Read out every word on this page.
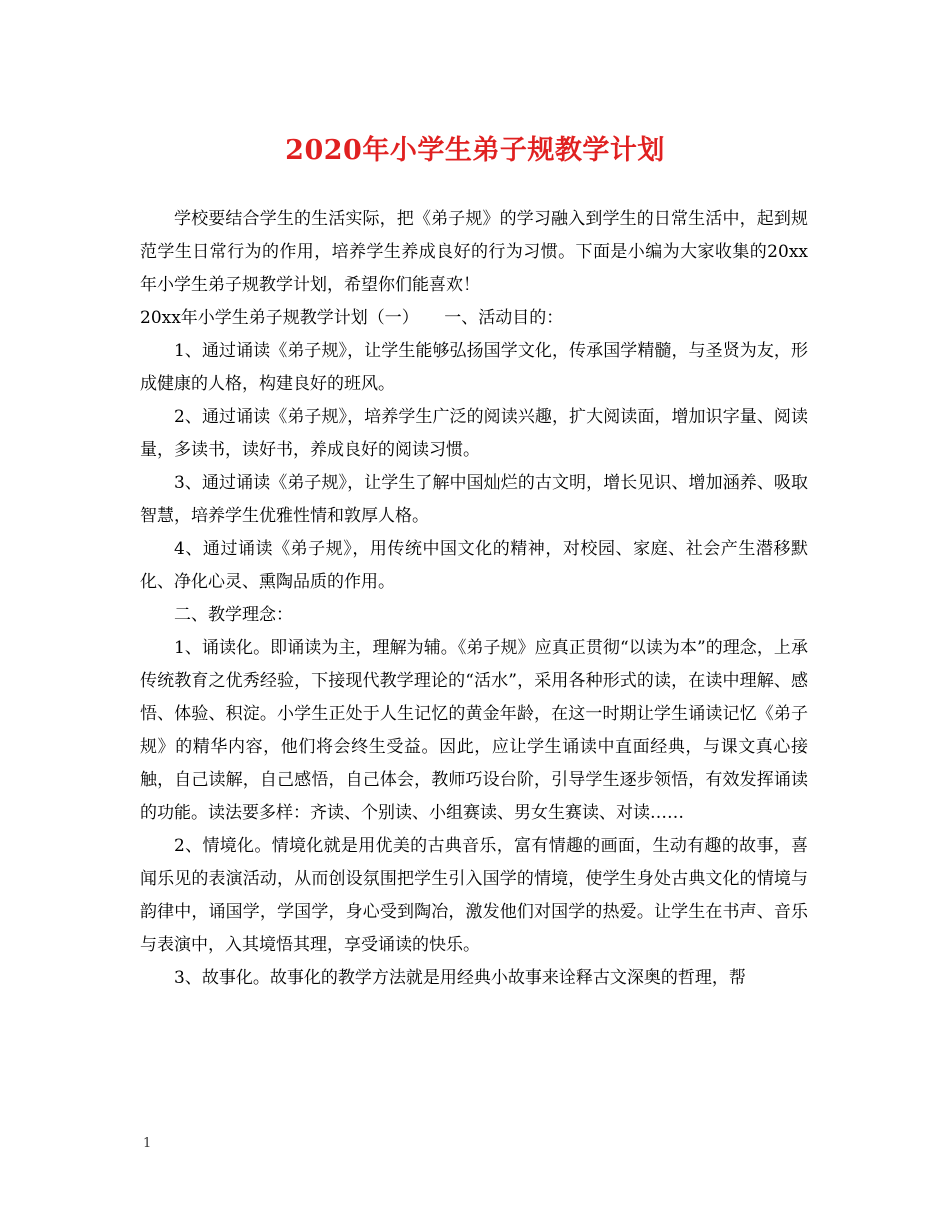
2020年小学生弟子规教学计划

学校要结合学生的生活实际，把《弟子规》的学习融入到学生的日常生活中，起到规范学生日常行为的作用，培养学生养成良好的行为习惯。下面是小编为大家收集的20xx年小学生弟子规教学计划，希望你们能喜欢！

20xx年小学生弟子规教学计划（一）　　一、活动目的：

1、通过诵读《弟子规》，让学生能够弘扬国学文化，传承国学精髓，与圣贤为友，形成健康的人格，构建良好的班风。

2、通过诵读《弟子规》，培养学生广泛的阅读兴趣，扩大阅读面，增加识字量、阅读量，多读书，读好书，养成良好的阅读习惯。

3、通过诵读《弟子规》，让学生了解中国灿烂的古文明，增长见识、增加涵养、吸取智慧，培养学生优雅性情和敦厚人格。

4、通过诵读《弟子规》，用传统中国文化的精神，对校园、家庭、社会产生潜移默化、净化心灵、熏陶品质的作用。

二、教学理念：

1、诵读化。即诵读为主，理解为辅。《弟子规》应真正贯彻“以读为本”的理念，上承传统教育之优秀经验，下接现代教学理论的“活水”，采用各种形式的读，在读中理解、感悟、体验、积淀。小学生正处于人生记忆的黄金年龄，在这一时期让学生诵读记忆《弟子规》的精华内容，他们将会终生受益。因此，应让学生诵读中直面经典，与课文真心接触，自己读解，自己感悟，自己体会，教师巧设台阶，引导学生逐步领悟，有效发挥诵读的功能。读法要多样：齐读、个别读、小组赛读、男女生赛读、对读……

2、情境化。情境化就是用优美的古典音乐，富有情趣的画面，生动有趣的故事，喜闻乐见的表演活动，从而创设氛围把学生引入国学的情境，使学生身处古典文化的情境与韵律中，诵国学，学国学，身心受到陶冶，激发他们对国学的热爱。让学生在书声、音乐与表演中，入其境悟其理，享受诵读的快乐。

3、故事化。故事化的教学方法就是用经典小故事来诠释古文深奥的哲理，帮

1
